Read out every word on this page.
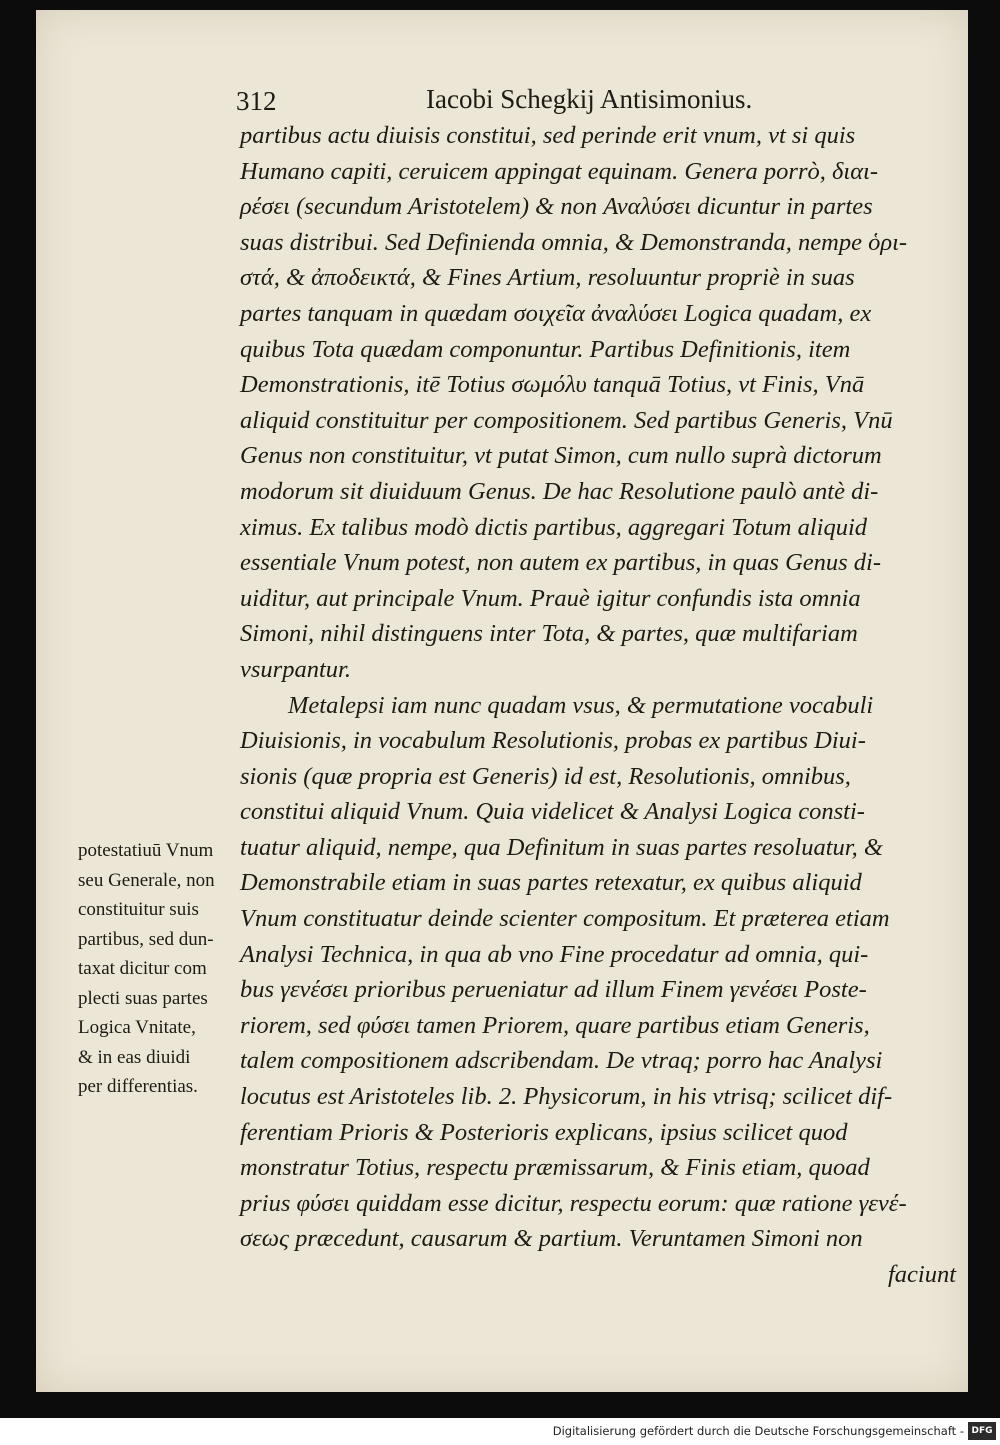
312	Iacobi Schegkij Antisimonius.
partibus actu diuisis constitui, sed perinde erit vnum, vt si quis
Humano capiti, ceruicem appingat equinam. Genera porrò, διαι-
ρέσει (secundum Aristotelem) & non Αναλύσει dicuntur in partes
suas distribui. Sed Definienda omnia, & Demonstranda, nempe ὁρι-
στά, & ἀποδεικτά, & Fines Artium, resoluuntur propriè in suas
partes tanquam in quædam σοιχεῖα ἀναλύσει Logica quadam, ex
quibus Tota quædam componuntur. Partibus Definitionis, item
Demonstrationis, itē Totius σωμόλυ tanquā Totius, vt Finis, Vnā
aliquid constituitur per compositionem. Sed partibus Generis, Vnū
Genus non constituitur, vt putat Simon, cum nullo suprà dictorum
modorum sit diuiduum Genus. De hac Resolutione paulò antè di-
ximus. Ex talibus modò dictis partibus, aggregari Totum aliquid
essentiale Vnum potest, non autem ex partibus, in quas Genus di-
uiditur, aut principale Vnum. Prauè igitur confundis ista omnia
Simoni, nihil distinguens inter Tota, & partes, quæ multifariam
vsurpantur.
Metalepsi iam nunc quadam vsus, & permutatione vocabuli
Diuisionis, in vocabulum Resolutionis, probas ex partibus Diui-
sionis (quæ propria est Generis) id est, Resolutionis, omnibus,
constitui aliquid Vnum. Quia videlicet & Analysi Logica consti-
tuatur aliquid, nempe, qua Definitum in suas partes resoluatur, &
Demonstrabile etiam in suas partes retexatur, ex quibus aliquid
Vnum constituatur deinde scienter compositum. Et præterea etiam
Analysi Technica, in qua ab vno Fine procedatur ad omnia, qui-
bus γενέσει prioribus perueniatur ad illum Finem γενέσει Poste-
riorem, sed φύσει tamen Priorem, quare partibus etiam Generis,
talem compositionem adscribendam. De vtraq; porro hac Analysi
locutus est Aristoteles lib. 2. Physicorum, in his vtrisq; scilicet dif-
ferentiam Prioris & Posterioris explicans, ipsius scilicet quod
monstratur Totius, respectu præmissarum, & Finis etiam, quoad
prius φύσει quiddam esse dicitur, respectu eorum: quæ ratione γενέ-
σεως præcedunt, causarum & partium. Veruntamen Simoni non
faciunt
potestatiuū Vnum
seu Generale, non
constituitur suis
partibus, sed dun-
taxat dicitur com
plecti suas partes
Logica Vnitate,
& in eas diuidi
per differentias.
Digitalisierung gefördert durch die Deutsche Forschungsgemeinschaft - DFG
